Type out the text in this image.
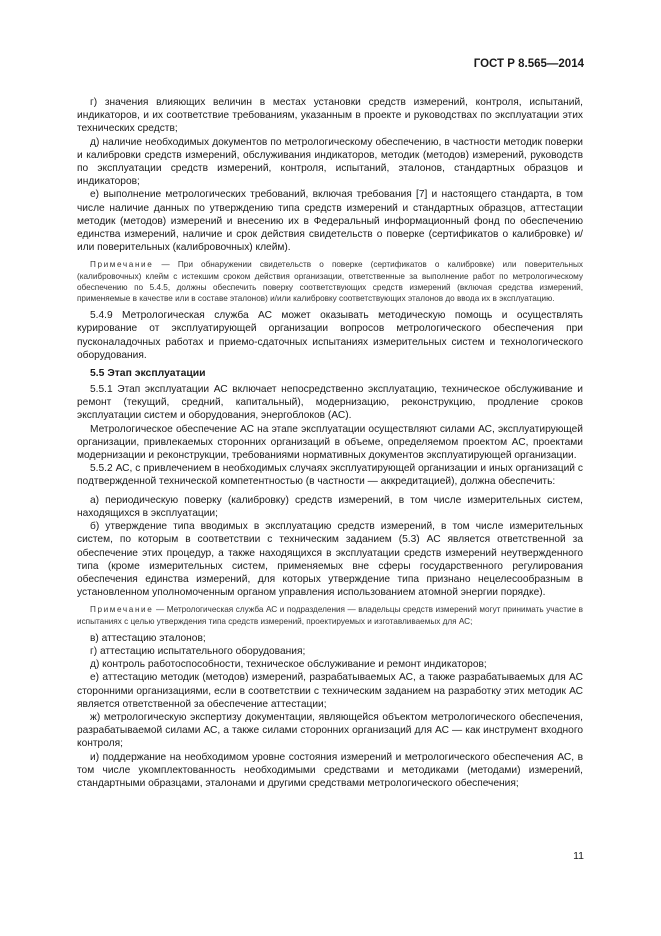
ГОСТ Р 8.565—2014

г) значения влияющих величин в местах установки средств измерений, контроля, испытаний, индикаторов, и их соответствие требованиям, указанным в проекте и руководствах по эксплуатации этих технических средств;

д) наличие необходимых документов по метрологическому обеспечению, в частности методик поверки и калибровки средств измерений, обслуживания индикаторов, методик (методов) измерений, руководств по эксплуатации средств измерений, контроля, испытаний, эталонов, стандартных образцов и индикаторов;

е) выполнение метрологических требований, включая требования [7] и настоящего стандарта, в том числе наличие данных по утверждению типа средств измерений и стандартных образцов, аттестации методик (методов) измерений и внесению их в Федеральный информационный фонд по обеспечению единства измерений, наличие и срок действия свидетельств о поверке (сертификатов о калибровке) и/или поверительных (калибровочных) клейм).

Примечание — При обнаружении свидетельств о поверке (сертификатов о калибровке) или поверительных (калибровочных) клейм с истекшим сроком действия организации, ответственные за выполнение работ по метрологическому обеспечению по 5.4.5, должны обеспечить поверку соответствующих средств измерений (включая средства измерений, применяемые в качестве или в составе эталонов) и/или калибровку соответствующих эталонов до ввода их в эксплуатацию.

5.4.9 Метрологическая служба АС может оказывать методическую помощь и осуществлять курирование от эксплуатирующей организации вопросов метрологического обеспечения при пусконаладочных работах и приемо-сдаточных испытаниях измерительных систем и технологического оборудования.

5.5 Этап эксплуатации

5.5.1 Этап эксплуатации АС включает непосредственно эксплуатацию, техническое обслуживание и ремонт (текущий, средний, капитальный), модернизацию, реконструкцию, продление сроков эксплуатации систем и оборудования, энергоблоков (АС).

Метрологическое обеспечение АС на этапе эксплуатации осуществляют силами АС, эксплуатирующей организации, привлекаемых сторонних организаций в объеме, определяемом проектом АС, проектами модернизации и реконструкции, требованиями нормативных документов эксплуатирующей организации.

5.5.2 АС, с привлечением в необходимых случаях эксплуатирующей организации и иных организаций с подтвержденной технической компетентностью (в частности — аккредитацией), должна обеспечить:

а) периодическую поверку (калибровку) средств измерений, в том числе измерительных систем, находящихся в эксплуатации;

б) утверждение типа вводимых в эксплуатацию средств измерений, в том числе измерительных систем, по которым в соответствии с техническим заданием (5.3) АС является ответственной за обеспечение этих процедур, а также находящихся в эксплуатации средств измерений неутвержденного типа (кроме измерительных систем, применяемых вне сферы государственного регулирования обеспечения единства измерений, для которых утверждение типа признано нецелесообразным в установленном уполномоченным органом управления использованием атомной энергии порядке).

Примечание — Метрологическая служба АС и подразделения — владельцы средств измерений могут принимать участие в испытаниях с целью утверждения типа средств измерений, проектируемых и изготавливаемых для АС;

в) аттестацию эталонов;

г) аттестацию испытательного оборудования;

д) контроль работоспособности, техническое обслуживание и ремонт индикаторов;

е) аттестацию методик (методов) измерений, разрабатываемых АС, а также разрабатываемых для АС сторонними организациями, если в соответствии с техническим заданием на разработку этих методик АС является ответственной за обеспечение аттестации;

ж) метрологическую экспертизу документации, являющейся объектом метрологического обеспечения, разрабатываемой силами АС, а также силами сторонних организаций для АС — как инструмент входного контроля;

и) поддержание на необходимом уровне состояния измерений и метрологического обеспечения АС, в том числе укомплектованность необходимыми средствами и методиками (методами) измерений, стандартными образцами, эталонами и другими средствами метрологического обеспечения;

11
